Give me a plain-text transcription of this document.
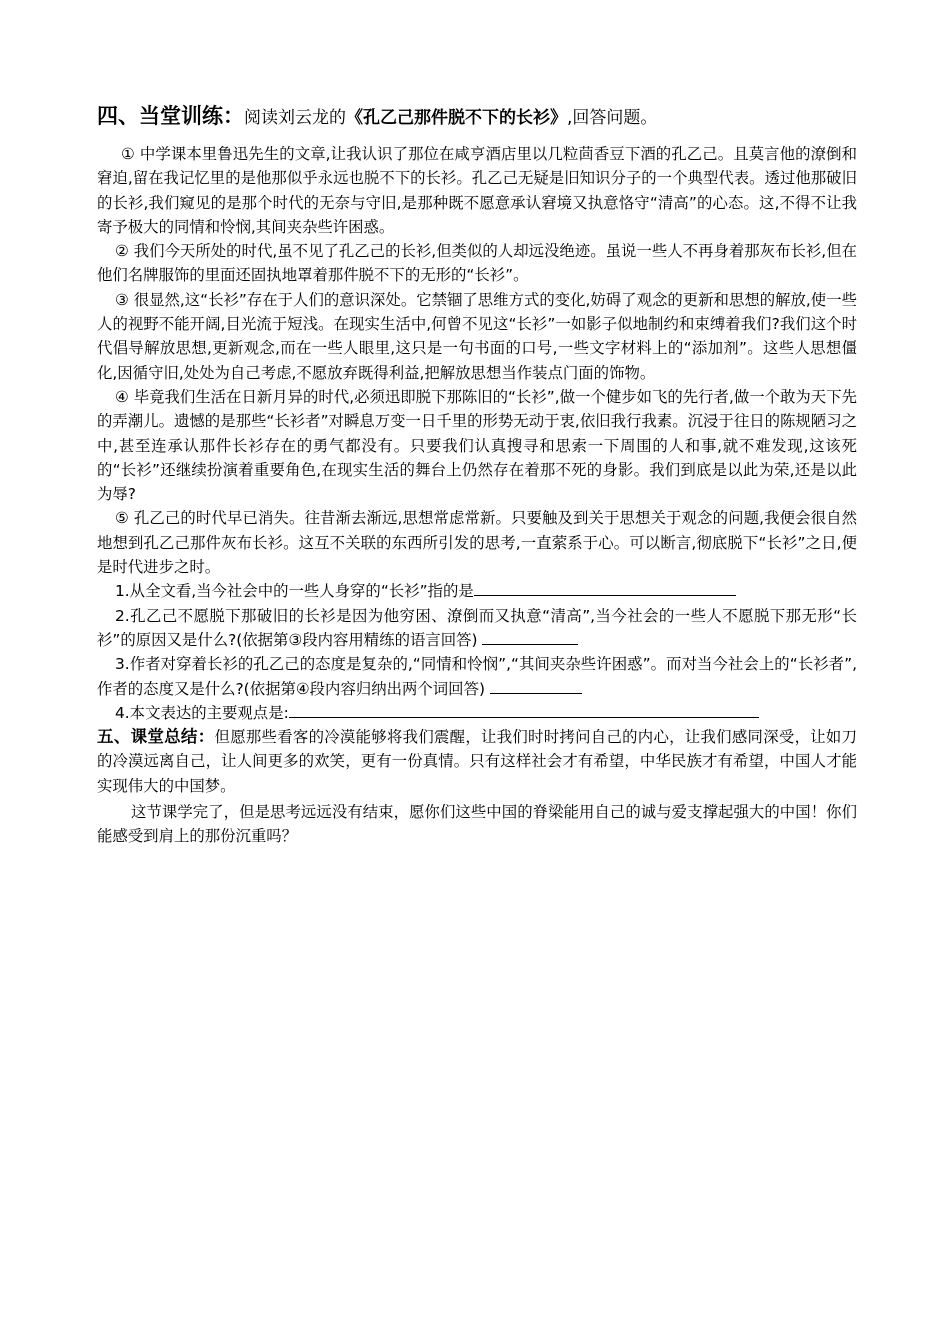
四、当堂训练：阅读刘云龙的《孔乙己那件脱不下的长衫》,回答问题。

① 中学课本里鲁迅先生的文章,让我认识了那位在咸亨酒店里以几粒茴香豆下酒的孔乙己。且莫言他的潦倒和窘迫,留在我记忆里的是他那似乎永远也脱不下的长衫。孔乙己无疑是旧知识分子的一个典型代表。透过他那破旧的长衫,我们窥见的是那个时代的无奈与守旧,是那种既不愿意承认窘境又执意恪守“清高”的心态。这,不得不让我寄予极大的同情和怜悯,其间夹杂些许困惑。

② 我们今天所处的时代,虽不见了孔乙己的长衫,但类似的人却远没绝迹。虽说一些人不再身着那灰布长衫,但在他们名牌服饰的里面还固执地罩着那件脱不下的无形的“长衫”。

③ 很显然,这“长衫”存在于人们的意识深处。它禁锢了思维方式的变化,妨碍了观念的更新和思想的解放,使一些人的视野不能开阔,目光流于短浅。在现实生活中,何曾不见这“长衫”一如影子似地制约和束缚着我们?我们这个时代倡导解放思想,更新观念,而在一些人眼里,这只是一句书面的口号,一些文字材料上的“添加剂”。这些人思想僵化,因循守旧,处处为自己考虑,不愿放弃既得利益,把解放思想当作装点门面的饰物。

④ 毕竟我们生活在日新月异的时代,必须迅即脱下那陈旧的“长衫”,做一个健步如飞的先行者,做一个敢为天下先的弄潮儿。遗憾的是那些“长衫者”对瞬息万变一日千里的形势无动于衷,依旧我行我素。沉浸于往日的陈规陋习之中,甚至连承认那件长衫存在的勇气都没有。只要我们认真搜寻和思索一下周围的人和事,就不难发现,这该死的“长衫”还继续扮演着重要角色,在现实生活的舞台上仍然存在着那不死的身影。我们到底是以此为荣,还是以此为辱?

⑤ 孔乙己的时代早已消失。往昔渐去渐远,思想常虑常新。只要触及到关于思想关于观念的问题,我便会很自然地想到孔乙己那件灰布长衫。这互不关联的东西所引发的思考,一直萦系于心。可以断言,彻底脱下“长衫”之日,便是时代进步之时。

1.从全文看,当今社会中的一些人身穿的“长衫”指的是

2.孔乙己不愿脱下那破旧的长衫是因为他穷困、潦倒而又执意“清高”,当今社会的一些人不愿脱下那无形“长衫”的原因又是什么?(依据第③段内容用精练的语言回答)

3.作者对穿着长衫的孔乙己的态度是复杂的,“同情和怜悯”,“其间夹杂些许困惑”。而对当今社会上的“长衫者”,作者的态度又是什么?(依据第④段内容归纳出两个词回答)

4.本文表达的主要观点是:

五、课堂总结：但愿那些看客的冷漠能够将我们震醒，让我们时时拷问自己的内心，让我们感同深受，让如刀的冷漠远离自己，让人间更多的欢笑，更有一份真情。只有这样社会才有希望，中华民族才有希望，中国人才能实现伟大的中国梦。

这节课学完了，但是思考远远没有结束，愿你们这些中国的脊梁能用自己的诚与爱支撑起强大的中国！你们能感受到肩上的那份沉重吗？
